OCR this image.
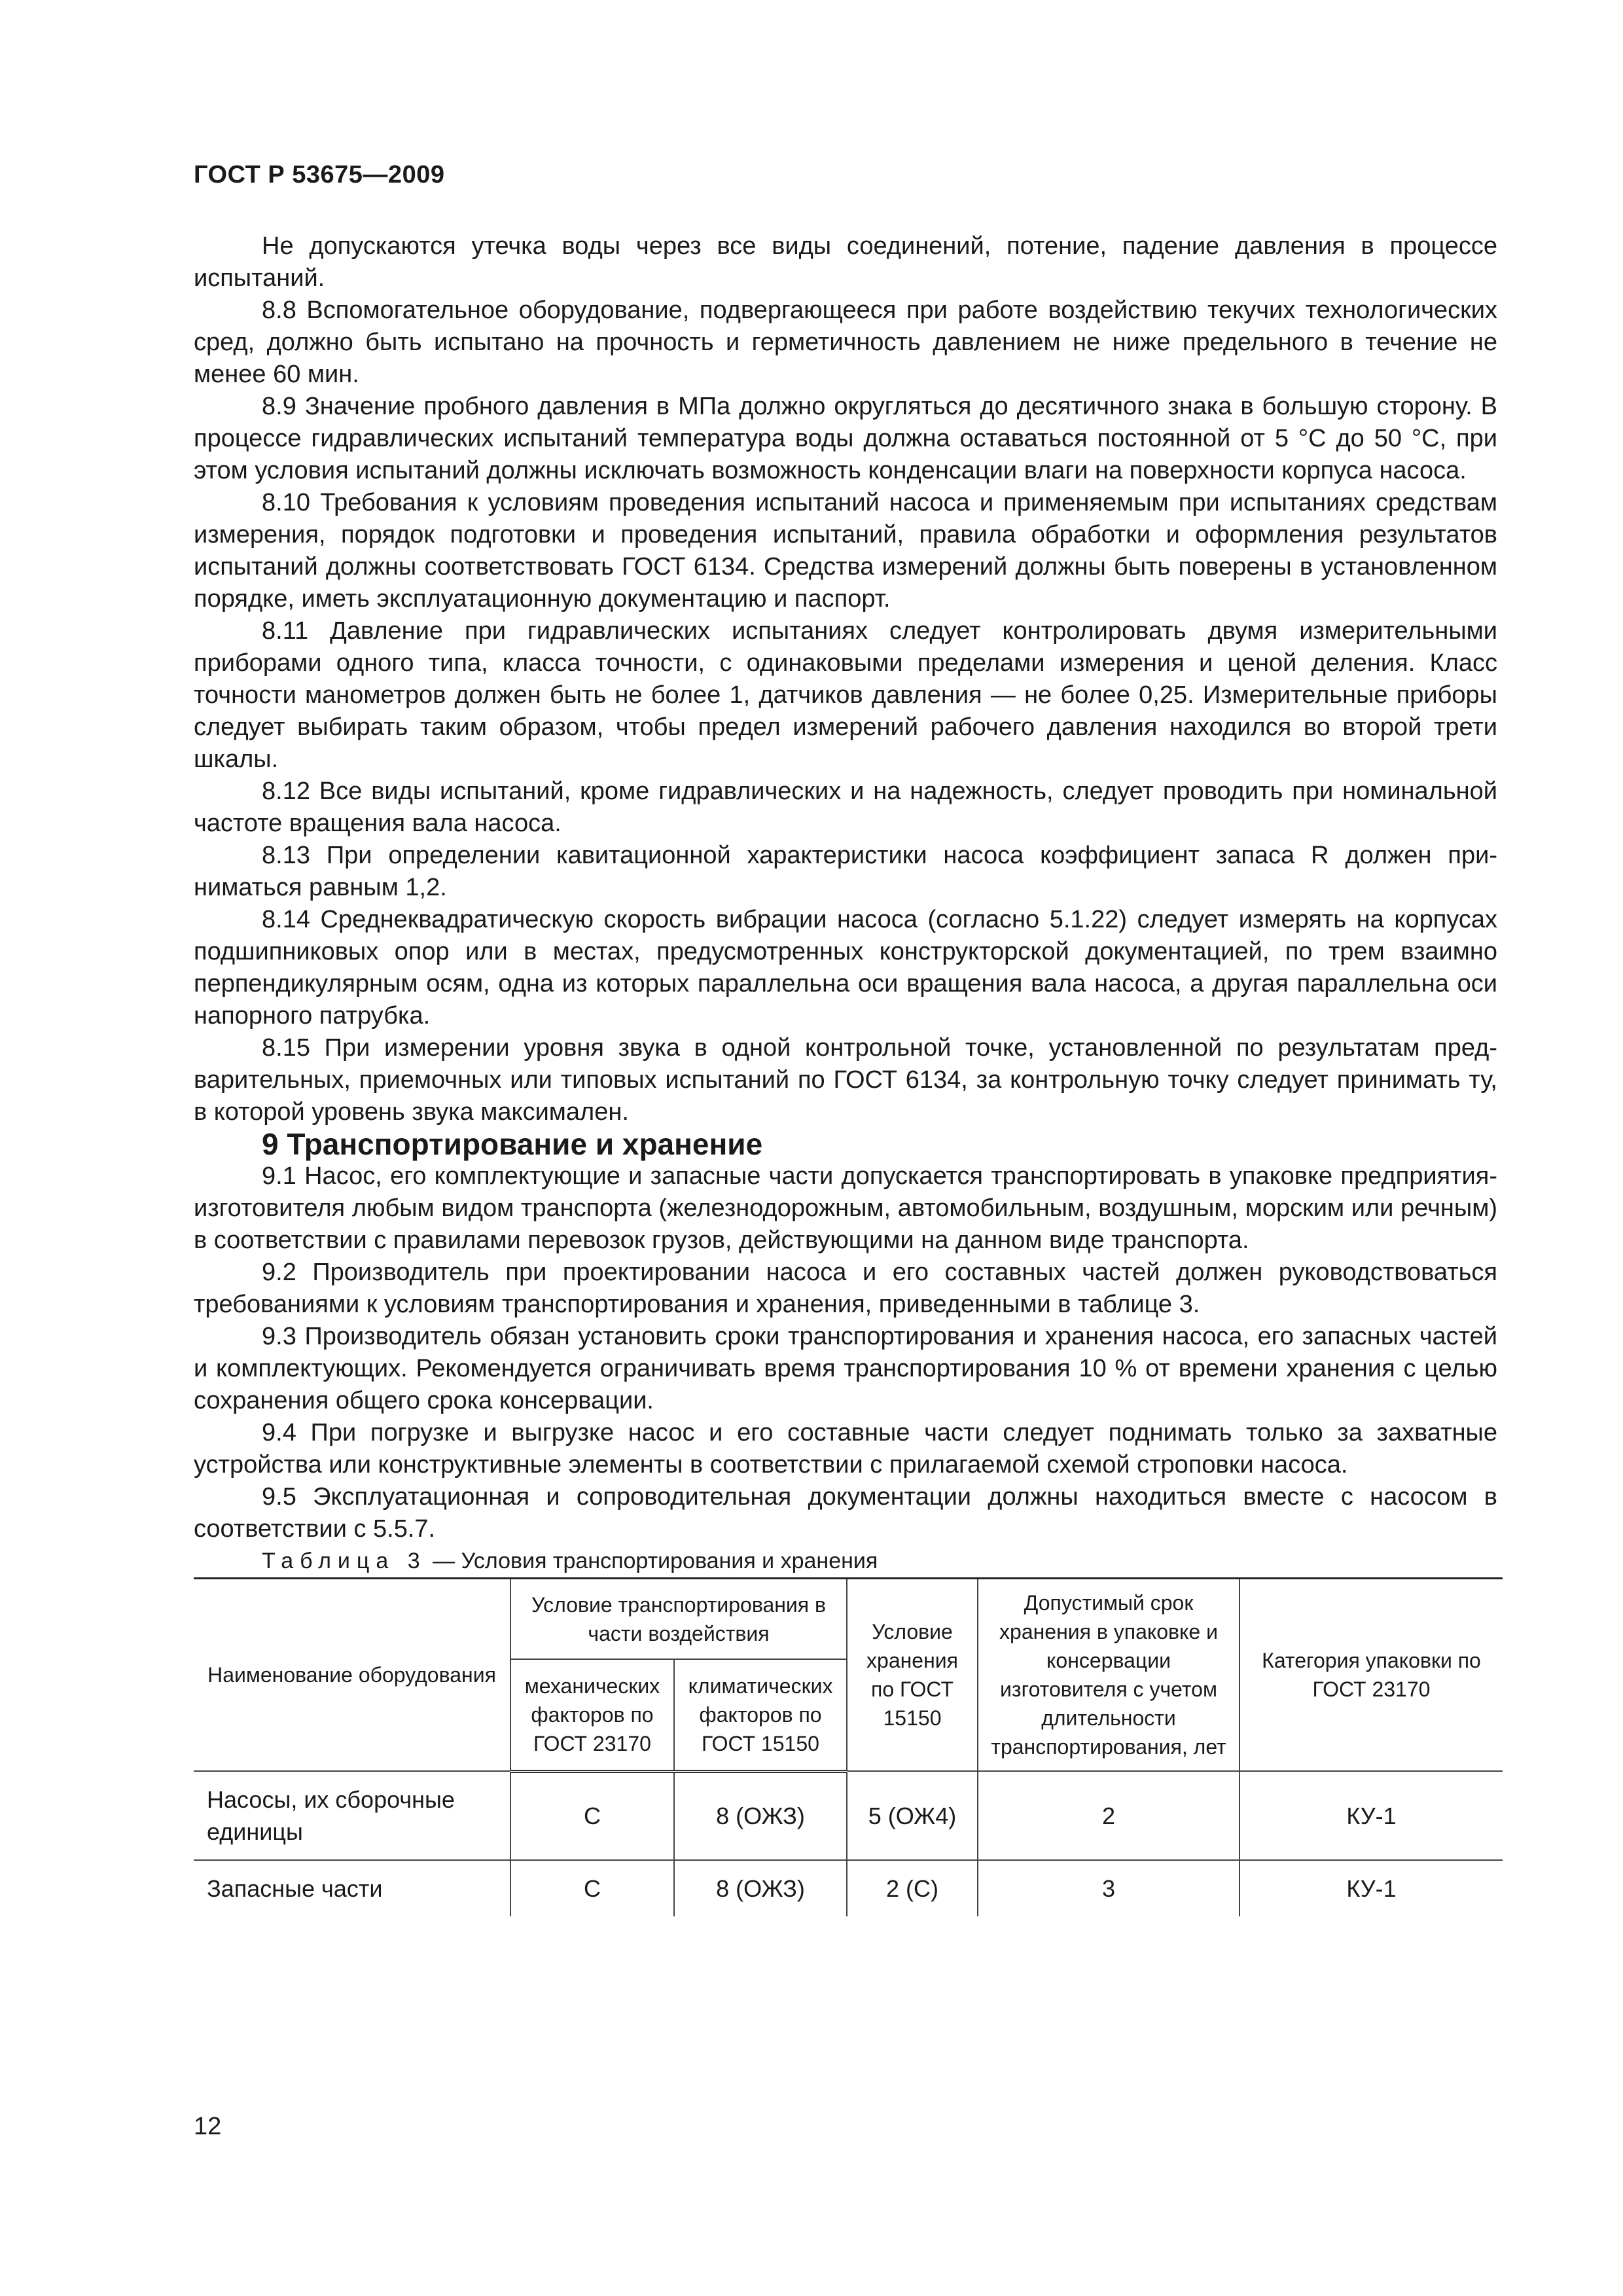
ГОСТ Р 53675—2009

Не допускаются утечка воды через все виды соединений, потение, падение давления в процессе испытаний.

8.8 Вспомогательное оборудование, подвергающееся при работе воздействию текучих технологических сред, должно быть испытано на прочность и герметичность давлением не ниже предельного в течение не менее 60 мин.

8.9 Значение пробного давления в МПа должно округляться до десятичного знака в большую сторону. В процессе гидравлических испытаний температура воды должна оставаться постоянной от 5 °С до 50 °С, при этом условия испытаний должны исключать возможность конденсации влаги на поверхности корпуса насоса.

8.10 Требования к условиям проведения испытаний насоса и применяемым при испытаниях средствам измерения, порядок подготовки и проведения испытаний, правила обработки и оформления результатов испытаний должны соответствовать ГОСТ 6134. Средства измерений должны быть поверены в установленном порядке, иметь эксплуатационную документацию и паспорт.

8.11 Давление при гидравлических испытаниях следует контролировать двумя измерительными приборами одного типа, класса точности, с одинаковыми пределами измерения и ценой деления. Класс точности манометров должен быть не более 1, датчиков давления — не более 0,25. Измерительные приборы следует выбирать таким образом, чтобы предел измерений рабочего давления находился во второй трети шкалы.

8.12 Все виды испытаний, кроме гидравлических и на надежность, следует проводить при номинальной частоте вращения вала насоса.

8.13 При определении кавитационной характеристики насоса коэффициент запаса R должен приниматься равным 1,2.

8.14 Среднеквадратическую скорость вибрации насоса (согласно 5.1.22) следует измерять на корпусах подшипниковых опор или в местах, предусмотренных конструкторской документацией, по трем взаимно перпендикулярным осям, одна из которых параллельна оси вращения вала насоса, а другая параллельна оси напорного патрубка.

8.15 При измерении уровня звука в одной контрольной точке, установленной по результатам предварительных, приемочных или типовых испытаний по ГОСТ 6134, за контрольную точку следует принимать ту, в которой уровень звука максимален.

9 Транспортирование и хранение

9.1 Насос, его комплектующие и запасные части допускается транспортировать в упаковке предприятия-изготовителя любым видом транспорта (железнодорожным, автомобильным, воздушным, морским или речным) в соответствии с правилами перевозок грузов, действующими на данном виде транспорта.

9.2 Производитель при проектировании насоса и его составных частей должен руководствоваться требованиями к условиям транспортирования и хранения, приведенными в таблице 3.

9.3 Производитель обязан установить сроки транспортирования и хранения насоса, его запасных частей и комплектующих. Рекомендуется ограничивать время транспортирования 10 % от времени хранения с целью сохранения общего срока консервации.

9.4 При погрузке и выгрузке насос и его составные части следует поднимать только за захватные устройства или конструктивные элементы в соответствии с прилагаемой схемой строповки насоса.

9.5 Эксплуатационная и сопроводительная документации должны находиться вместе с насосом в соответствии с 5.5.7.

Таблица 3 — Условия транспортирования и хранения

Наименование оборудования	Условие транспортирования в части воздействия		Условие хранения по ГОСТ 15150	Допустимый срок хранения в упаковке и консервации изготовителя с учетом длительности транспортирования, лет	Категория упаковки по ГОСТ 23170
	механических факторов по ГОСТ 23170	климатических факторов по ГОСТ 15150			
Насосы, их сборочные единицы	С	8 (ОЖЗ)	5 (ОЖ4)	2	КУ-1
Запасные части	С	8 (ОЖЗ)	2 (С)	3	КУ-1
12
